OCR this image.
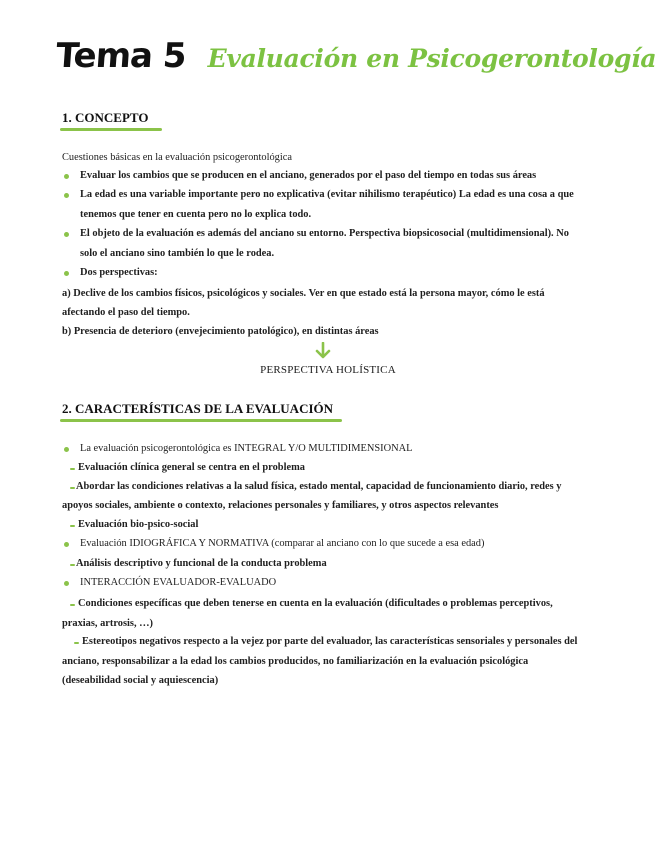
Tema 5 Evaluación en Psicogerontología
1. CONCEPTO
Cuestiones básicas en la evaluación psicogerontológica
Evaluar los cambios que se producen en el anciano, generados por el paso del tiempo en todas sus áreas
La edad es una variable importante pero no explicativa (evitar nihilismo terapéutico) La edad es una cosa a que
tenemos que tener en cuenta pero no lo explica todo.
El objeto de la evaluación es además del anciano su entorno. Perspectiva biopsicosocial (multidimensional). No
solo el anciano sino también lo que le rodea.
Dos perspectivas:
a) Declive de los cambios físicos, psicológicos y sociales. Ver en que estado está la persona mayor, cómo le está
afectando el paso del tiempo.
b) Presencia de deterioro (envejecimiento patológico), en distintas áreas
PERSPECTIVA HOLÍSTICA
2. CARACTERÍSTICAS DE LA EVALUACIÓN
La evaluación psicogerontológica es INTEGRAL Y/O MULTIDIMENSIONAL
Evaluación clínica general se centra en el problema
Abordar las condiciones relativas a la salud física, estado mental, capacidad de funcionamiento diario, redes y
apoyos sociales, ambiente o contexto, relaciones personales y familiares, y otros aspectos relevantes
Evaluación bio-psico-social
Evaluación IDIOGRÁFICA Y NORMATIVA (comparar al anciano con lo que sucede a esa edad)
Análisis descriptivo y funcional de la conducta problema
INTERACCIÓN EVALUADOR-EVALUADO
Condiciones específicas que deben tenerse en cuenta en la evaluación (dificultades o problemas perceptivos,
praxias, artrosis, …)
Estereotipos negativos respecto a la vejez por parte del evaluador, las características sensoriales y personales del
anciano, responsabilizar a la edad los cambios producidos, no familiarización en la evaluación psicológica
(deseabilidad social y aquiescencia)
